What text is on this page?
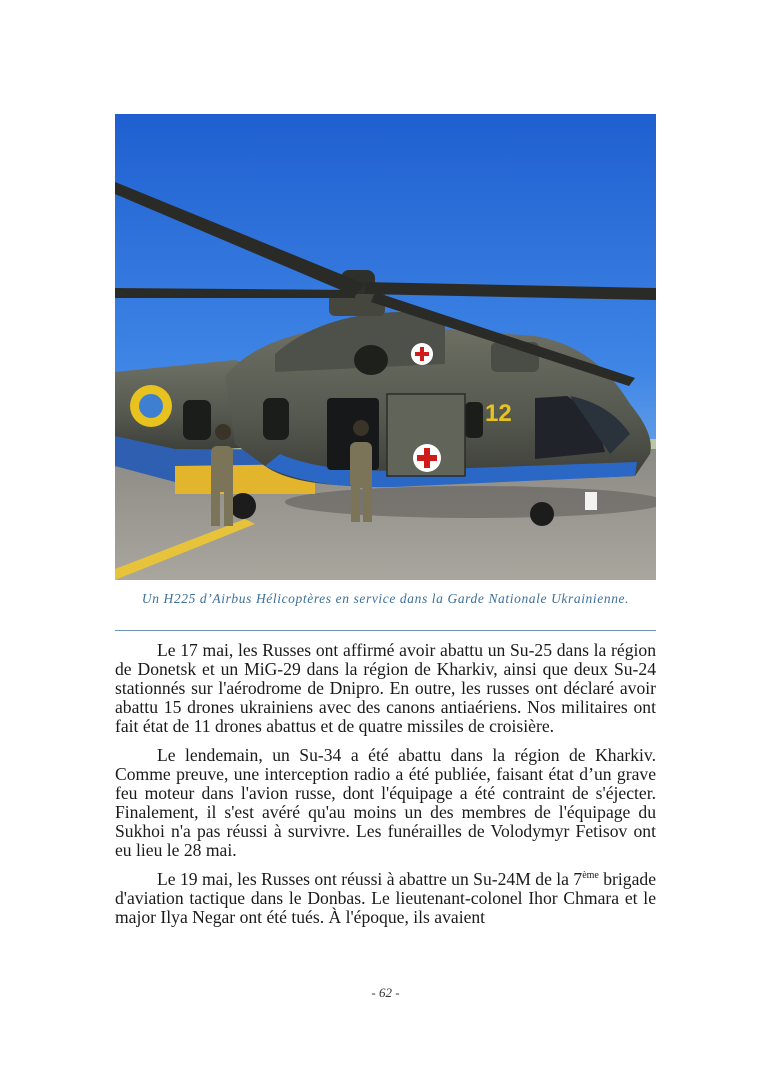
12
Un H225 d’Airbus Hélicoptères en service dans la Garde Nationale Ukrainienne.

Le 17 mai, les Russes ont affirmé avoir abattu un Su-25 dans la région de Donetsk et un MiG-29 dans la région de Kharkiv, ainsi que deux Su-24 stationnés sur l'aérodrome de Dnipro. En outre, les russes ont déclaré avoir abattu 15 drones ukrainiens avec des canons antiaériens. Nos militaires ont fait état de 11 drones abattus et de quatre missiles de croisière.

Le lendemain, un Su-34 a été abattu dans la région de Kharkiv. Comme preuve, une interception radio a été publiée, faisant état d’un grave feu moteur dans l'avion russe, dont l'équipage a été contraint de s'éjecter. Finalement, il s'est avéré qu'au moins un des membres de l'équipage du Sukhoi n'a pas réussi à survivre. Les funérailles de Volodymyr Fetisov ont eu lieu le 28 mai.

Le 19 mai, les Russes ont réussi à abattre un Su-24M de la 7ème brigade d'aviation tactique dans le Donbas. Le lieutenant-colonel Ihor Chmara et le major Ilya Negar ont été tués. À l'époque, ils avaient

- 62 -
